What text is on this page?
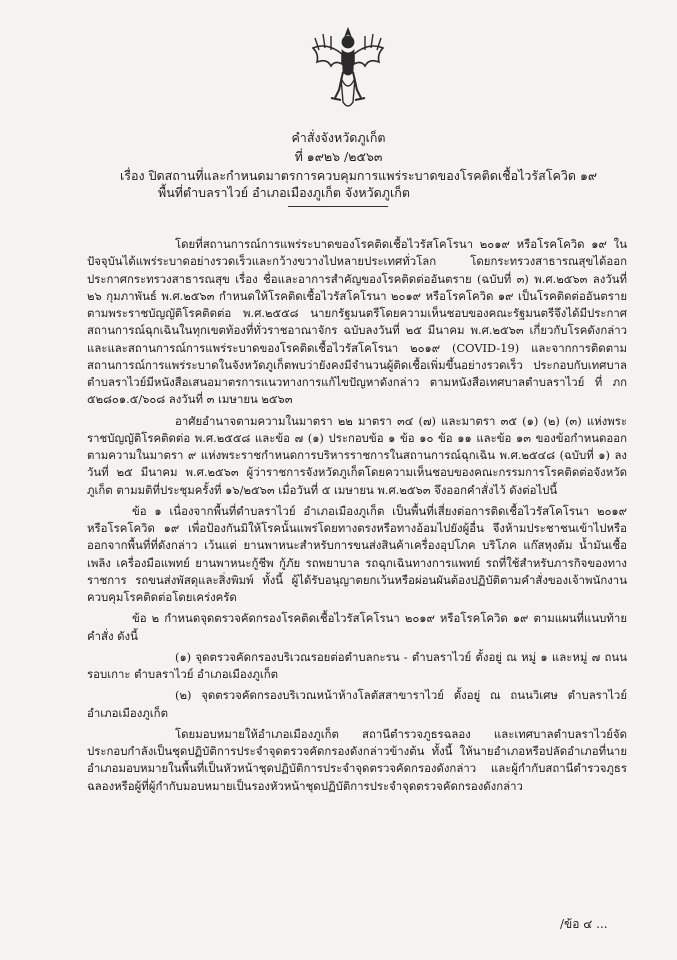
คำสั่งจังหวัดภูเก็ต
ที่ ๑๙๒๖ /๒๕๖๓
เรื่อง ปิดสถานที่และกำหนดมาตรการควบคุมการแพร่ระบาดของโรคติดเชื้อไวรัสโควิด ๑๙
พื้นที่ตำบลราไวย์ อำเภอเมืองภูเก็ต จังหวัดภูเก็ต

โดยที่สถานการณ์การแพร่ระบาดของโรคติดเชื้อไวรัสโคโรนา ๒๐๑๙ หรือโรคโควิด ๑๙ ในปัจจุบันได้แพร่ระบาดอย่างรวดเร็วและกว้างขวางไปหลายประเทศทั่วโลก โดยกระทรวงสาธารณสุขได้ออกประกาศกระทรวงสาธารณสุข เรื่อง ชื่อและอาการสำคัญของโรคติดต่ออันตราย (ฉบับที่ ๓) พ.ศ.๒๕๖๓ ลงวันที่ ๒๖ กุมภาพันธ์ พ.ศ.๒๕๖๓ กำหนดให้โรคติดเชื้อไวรัสโคโรนา ๒๐๑๙ หรือโรคโควิด ๑๙ เป็นโรคติดต่ออันตรายตามพระราชบัญญัติโรคติดต่อ พ.ศ.๒๕๕๘ นายกรัฐมนตรีโดยความเห็นชอบของคณะรัฐมนตรีจึงได้มีประกาศสถานการณ์ฉุกเฉินในทุกเขตท้องที่ทั่วราชอาณาจักร ฉบับลงวันที่ ๒๕ มีนาคม พ.ศ.๒๕๖๓ เกี่ยวกับโรคดังกล่าวและและสถานการณ์การแพร่ระบาดของโรคติดเชื้อไวรัสโคโรนา ๒๐๑๙ (COVID-19) และจากการติดตามสถานการณ์การแพร่ระบาดในจังหวัดภูเก็ตพบว่ายังคงมีจำนวนผู้ติดเชื้อเพิ่มขึ้นอย่างรวดเร็ว ประกอบกับเทศบาลตำบลราไวย์มีหนังสือเสนอมาตรการแนวทางการแก้ไขปัญหาดังกล่าว ตามหนังสือเทศบาลตำบลราไวย์ ที่ ภก ๕๒๘๐๑.๕/๖๐๘ ลงวันที่ ๓ เมษายน ๒๕๖๓

อาศัยอำนาจตามความในมาตรา ๒๒ มาตรา ๓๔ (๗) และมาตรา ๓๕ (๑) (๒) (๓) แห่งพระราชบัญญัติโรคติดต่อ พ.ศ.๒๕๕๘ และข้อ ๗ (๑) ประกอบข้อ ๑ ข้อ ๑๐ ข้อ ๑๑ และข้อ ๑๓ ของข้อกำหนดออกตามความในมาตรา ๙ แห่งพระราชกำหนดการบริหารราชการในสถานการณ์ฉุกเฉิน พ.ศ.๒๕๔๘ (ฉบับที่ ๑) ลงวันที่ ๒๕ มีนาคม พ.ศ.๒๕๖๓ ผู้ว่าราชการจังหวัดภูเก็ตโดยความเห็นชอบของคณะกรรมการโรคติดต่อจังหวัดภูเก็ต ตามมติที่ประชุมครั้งที่ ๑๖/๒๕๖๓ เมื่อวันที่ ๕ เมษายน พ.ศ.๒๕๖๓ จึงออกคำสั่งไว้ ดังต่อไปนี้

ข้อ ๑ เนื่องจากพื้นที่ตำบลราไวย์ อำเภอเมืองภูเก็ต เป็นพื้นที่เสี่ยงต่อการติดเชื้อไวรัสโคโรนา ๒๐๑๙ หรือโรคโควิด ๑๙ เพื่อป้องกันมิให้โรคนั้นแพร่โดยทางตรงหรือทางอ้อมไปยังผู้อื่น จึงห้ามประชาชนเข้าไปหรือออกจากพื้นที่ที่ดังกล่าว เว้นแต่ ยานพาหนะสำหรับการขนส่งสินค้าเครื่องอุปโภค บริโภค แก๊สหุงต้ม น้ำมันเชื้อเพลิง เครื่องมือแพทย์ ยานพาหนะกู้ชีพ กู้ภัย รถพยาบาล รถฉุกเฉินทางการแพทย์ รถที่ใช้สำหรับภารกิจของทางราชการ รถขนส่งพัสดุและสิ่งพิมพ์ ทั้งนี้ ผู้ได้รับอนุญาตยกเว้นหรือผ่อนผันต้องปฏิบัติตามคำสั่งของเจ้าพนักงานควบคุมโรคติดต่อโดยเคร่งครัด

ข้อ ๒ กำหนดจุดตรวจคัดกรองโรคติดเชื้อไวรัสโคโรนา ๒๐๑๙ หรือโรคโควิด ๑๙ ตามแผนที่แนบท้ายคำสั่ง ดังนี้

(๑) จุดตรวจคัดกรองบริเวณรอยต่อตำบลกะรน - ตำบลราไวย์ ตั้งอยู่ ณ หมู่ ๑ และหมู่ ๗ ถนนรอบเกาะ ตำบลราไวย์ อำเภอเมืองภูเก็ต

(๒) จุดตรวจคัดกรองบริเวณหน้าห้างโลตัสสาขาราไวย์ ตั้งอยู่ ณ ถนนวิเศษ ตำบลราไวย์ อำเภอเมืองภูเก็ต

โดยมอบหมายให้อำเภอเมืองภูเก็ต สถานีตำรวจภูธรฉลอง และเทศบาลตำบลราไวย์จัดประกอบกำลังเป็นชุดปฏิบัติการประจำจุดตรวจคัดกรองดังกล่าวข้างต้น ทั้งนี้ ให้นายอำเภอหรือปลัดอำเภอที่นายอำเภอมอบหมายในพื้นที่เป็นหัวหน้าชุดปฏิบัติการประจำจุดตรวจคัดกรองดังกล่าว และผู้กำกับสถานีตำรวจภูธรฉลองหรือผู้ที่ผู้กำกับมอบหมายเป็นรองหัวหน้าชุดปฏิบัติการประจำจุดตรวจคัดกรองดังกล่าว

/ข้อ ๔ ...
